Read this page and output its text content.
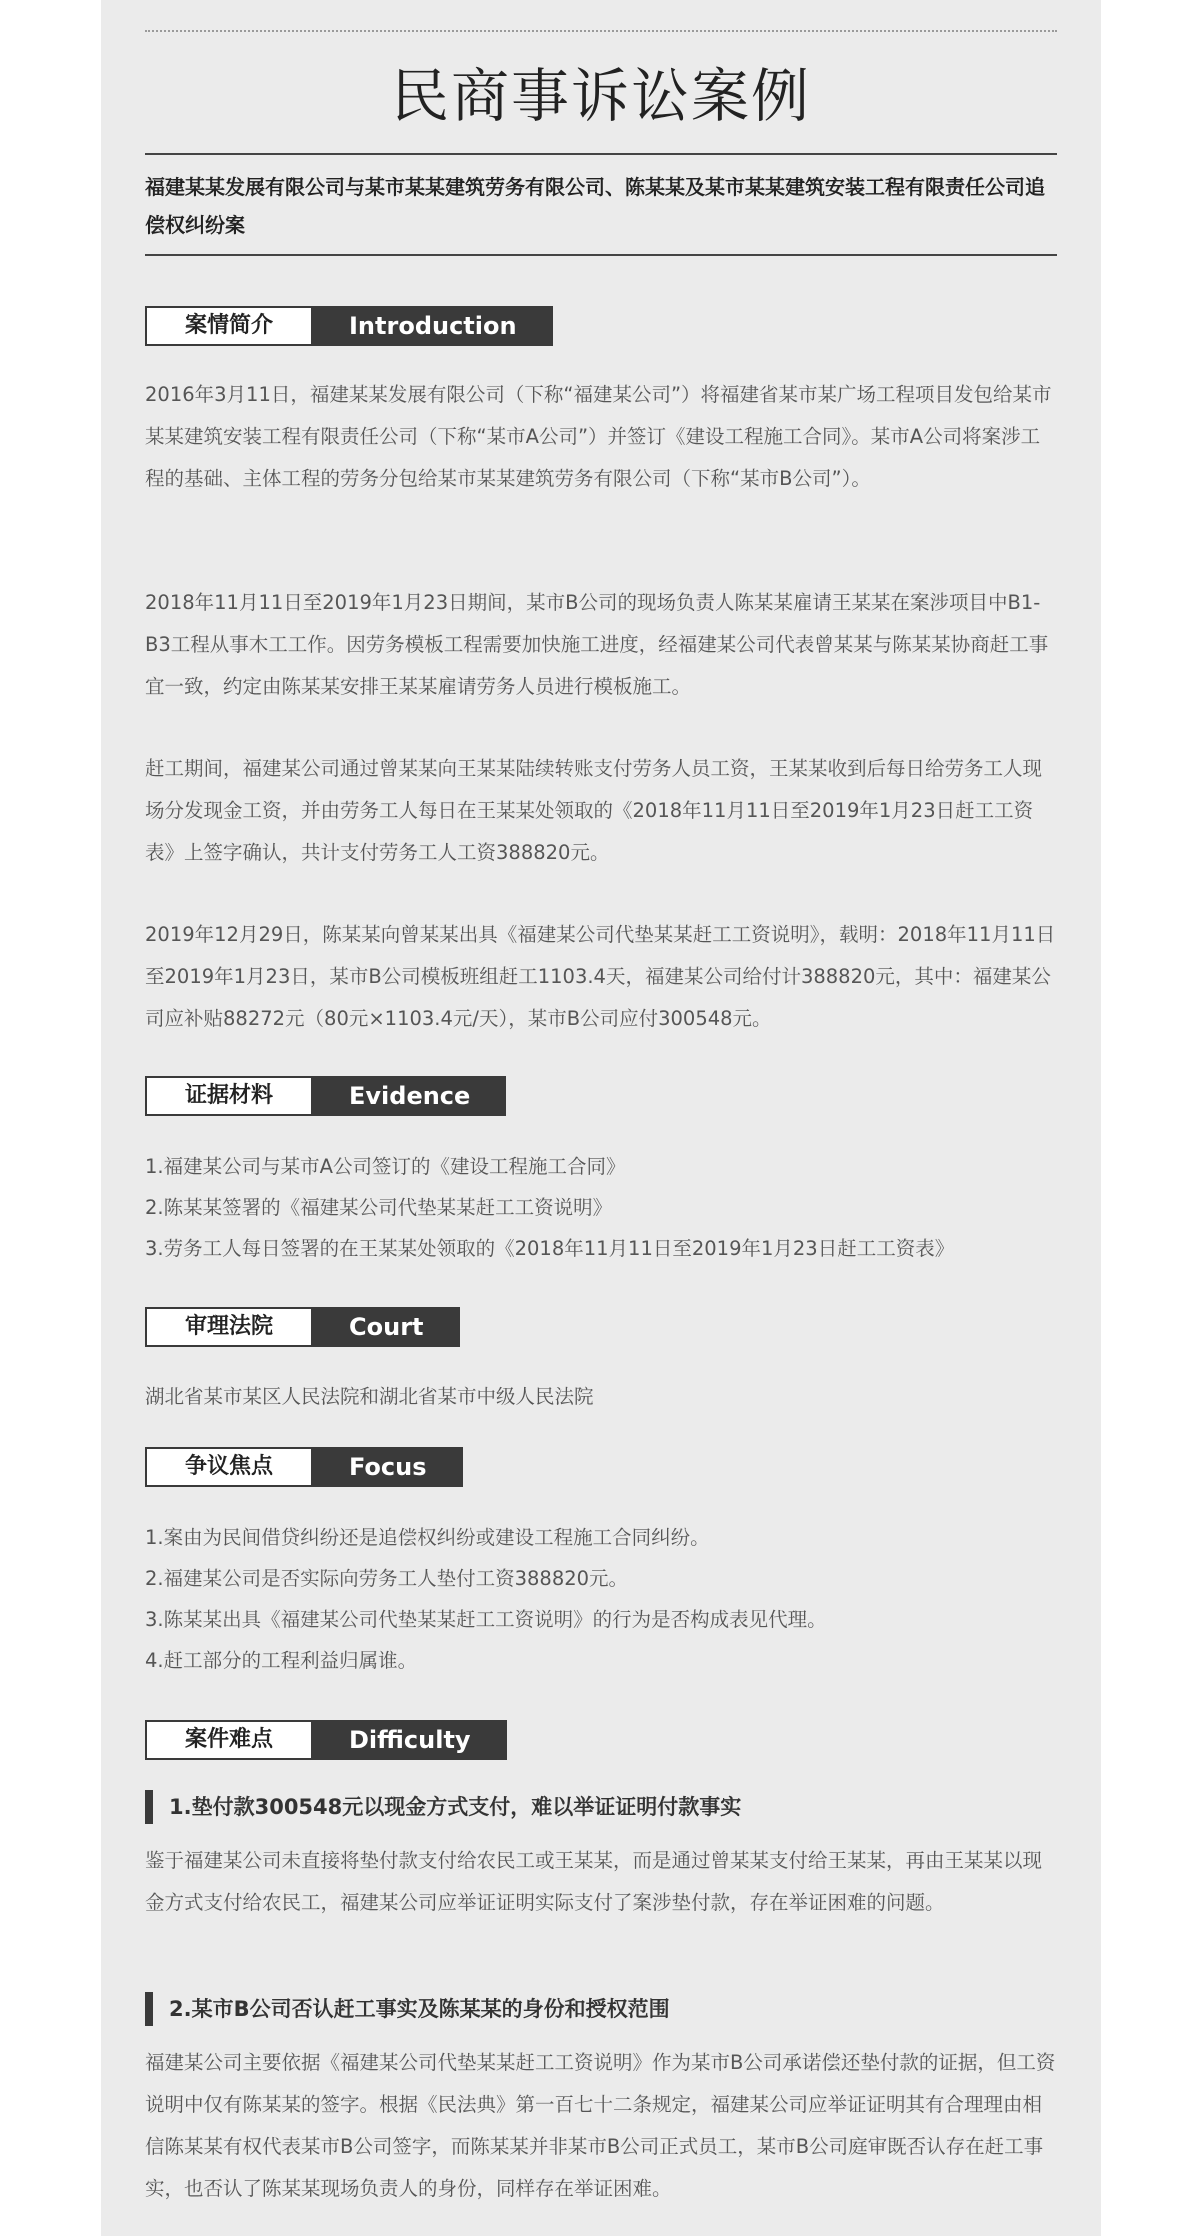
民商事诉讼案例
福建某某发展有限公司与某市某某建筑劳务有限公司、陈某某及某市某某建筑安装工程有限责任公司追偿权纠纷案
案情简介	Introduction

2016年3月11日，福建某某发展有限公司（下称“福建某公司”）将福建省某市某广场工程项目发包给某市某某建筑安装工程有限责任公司（下称“某市A公司”）并签订《建设工程施工合同》。某市A公司将案涉工程的基础、主体工程的劳务分包给某市某某建筑劳务有限公司（下称“某市B公司”）。

2018年11月11日至2019年1月23日期间，某市B公司的现场负责人陈某某雇请王某某在案涉项目中B1-B3工程从事木工工作。因劳务模板工程需要加快施工进度，经福建某公司代表曾某某与陈某某协商赶工事宜一致，约定由陈某某安排王某某雇请劳务人员进行模板施工。

赶工期间，福建某公司通过曾某某向王某某陆续转账支付劳务人员工资，王某某收到后每日给劳务工人现场分发现金工资，并由劳务工人每日在王某某处领取的《2018年11月11日至2019年1月23日赶工工资表》上签字确认，共计支付劳务工人工资388820元。

2019年12月29日，陈某某向曾某某出具《福建某公司代垫某某赶工工资说明》，载明：2018年11月11日至2019年1月23日，某市B公司模板班组赶工1103.4天，福建某公司给付计388820元，其中：福建某公司应补贴88272元（80元×1103.4元/天），某市B公司应付300548元。

证据材料	Evidence
1.福建某公司与某市A公司签订的《建设工程施工合同》
2.陈某某签署的《福建某公司代垫某某赶工工资说明》
3.劳务工人每日签署的在王某某处领取的《2018年11月11日至2019年1月23日赶工工资表》
审理法院	Court

湖北省某市某区人民法院和湖北省某市中级人民法院

争议焦点	Focus
1.案由为民间借贷纠纷还是追偿权纠纷或建设工程施工合同纠纷。
2.福建某公司是否实际向劳务工人垫付工资388820元。
3.陈某某出具《福建某公司代垫某某赶工工资说明》的行为是否构成表见代理。
4.赶工部分的工程利益归属谁。
案件难点	Difficulty
1.垫付款300548元以现金方式支付，难以举证证明付款事实

鉴于福建某公司未直接将垫付款支付给农民工或王某某，而是通过曾某某支付给王某某，再由王某某以现金方式支付给农民工，福建某公司应举证证明实际支付了案涉垫付款，存在举证困难的问题。

2.某市B公司否认赶工事实及陈某某的身份和授权范围

福建某公司主要依据《福建某公司代垫某某赶工工资说明》作为某市B公司承诺偿还垫付款的证据，但工资说明中仅有陈某某的签字。根据《民法典》第一百七十二条规定，福建某公司应举证证明其有合理理由相信陈某某有权代表某市B公司签字，而陈某某并非某市B公司正式员工，某市B公司庭审既否认存在赶工事实，也否认了陈某某现场负责人的身份，同样存在举证困难。
